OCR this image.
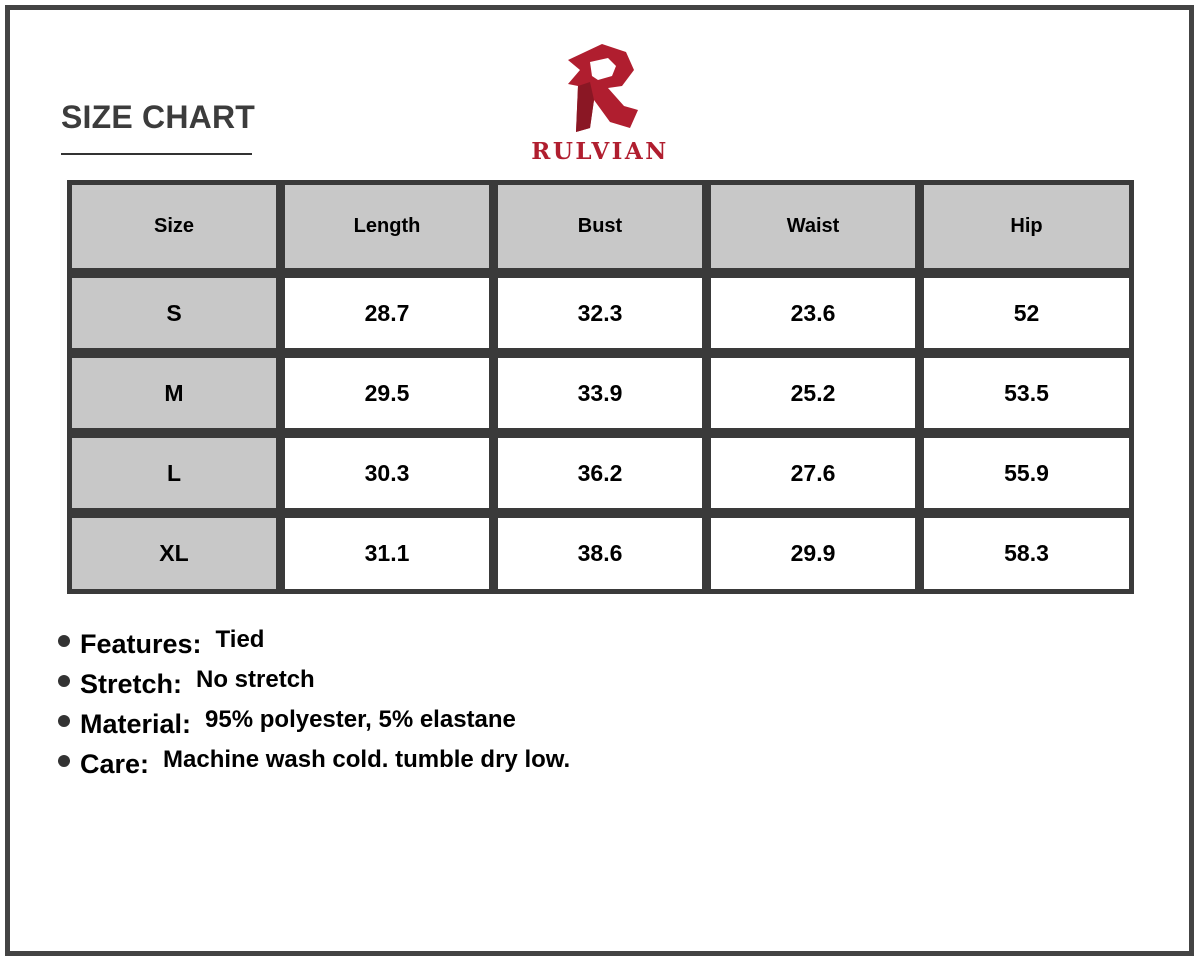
SIZE CHART
RULVIAN
Size	Length	Bust	Waist	Hip
S	28.7	32.3	23.6	52
M	29.5	33.9	25.2	53.5
L	30.3	36.2	27.6	55.9
XL	31.1	38.6	29.9	58.3
Features: Tied
Stretch: No stretch
Material: 95% polyester, 5% elastane
Care: Machine wash cold. tumble dry low.
